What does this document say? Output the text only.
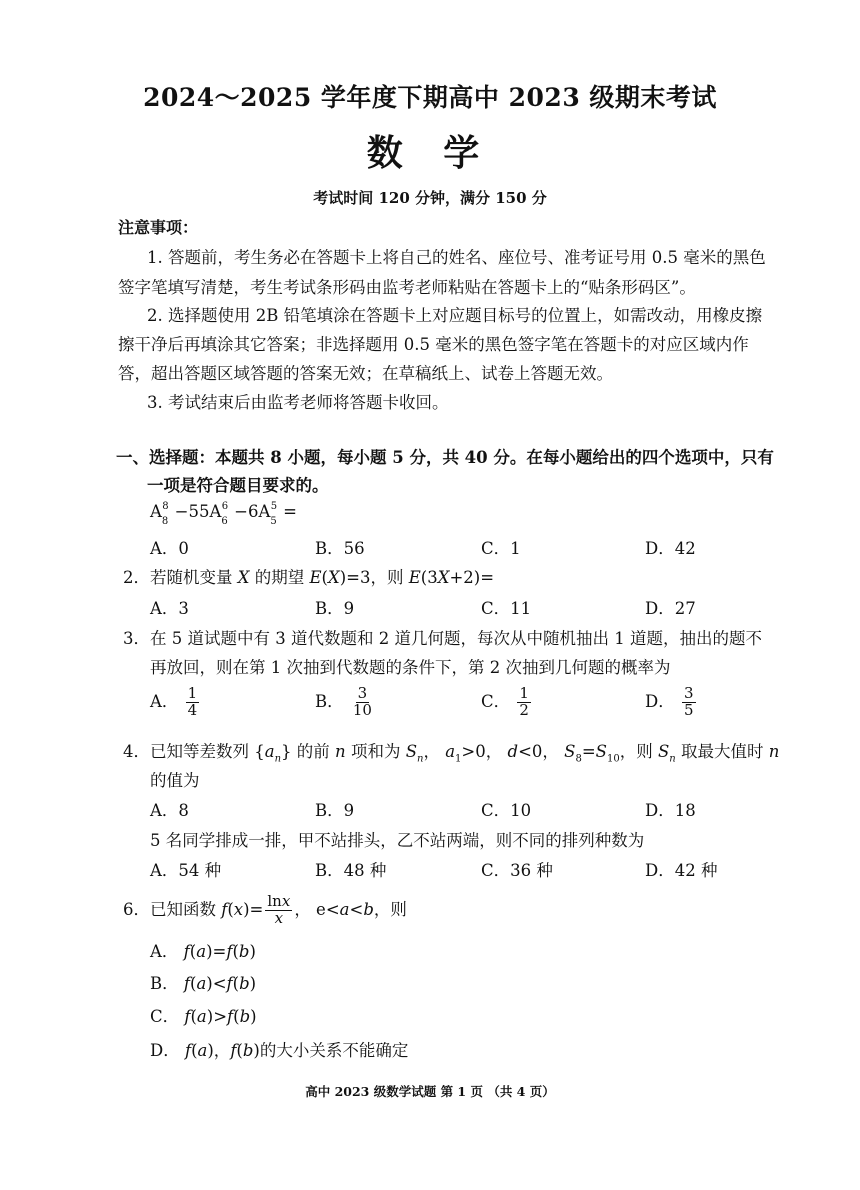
2024～2025 学年度下期高中 2023 级期末考试
数 学
考试时间 120 分钟，满分 150 分
注意事项：
1. 答题前，考生务必在答题卡上将自己的姓名、座位号、准考证号用 0.5 毫米的黑色
签字笔填写清楚，考生考试条形码由监考老师粘贴在答题卡上的“贴条形码区”。
2. 选择题使用 2B 铅笔填涂在答题卡上对应题目标号的位置上，如需改动，用橡皮擦
擦干净后再填涂其它答案；非选择题用 0.5 毫米的黑色签字笔在答题卡的对应区域内作
答，超出答题区域答题的答案无效；在草稿纸上、试卷上答题无效。
3. 考试结束后由监考老师将答题卡收回。
一、选择题：本题共 8 小题，每小题 5 分，共 40 分。在每小题给出的四个选项中，只有
一项是符合题目要求的。
$A_8^8 -55A_6^6 -6A_5^5$ =
A．0	B．56	C．1	D．42
2．若随机变量 X 的期望 E(X)=3，则 E(3X+2)=
A．3	B．9	C．11	D．27
3．在 5 道试题中有 3 道代数题和 2 道几何题，每次从中随机抽出 1 道题，抽出的题不
再放回，则在第 1 次抽到代数题的条件下，第 2 次抽到几何题的概率为
A． $\frac{1}{4}$	B． $\frac{3}{10}$	C． $\frac{1}{2}$	D． $\frac{3}{5}$
4．已知等差数列 $\{a_n\}$ 的前 n 项和为 $S_n$， $a_1>0$， d<0， $S_8=S_{10}$，则 $S_n$ 取最大值时 n
的值为
A．8	B．9	C．10	D．18
5 名同学排成一排，甲不站排头，乙不站两端，则不同的排列种数为
A．54 种	B．48 种	C．36 种	D．42 种
6．已知函数 $f(x)= \frac{\ln x}{x}$ ， e<a<b，则
A． f(a)=f(b)
B． f(a)<f(b)
C． f(a)>f(b)
D． f(a)，f(b)的大小关系不能确定
高中 2023 级数学试题 第 1 页 （共 4 页）
